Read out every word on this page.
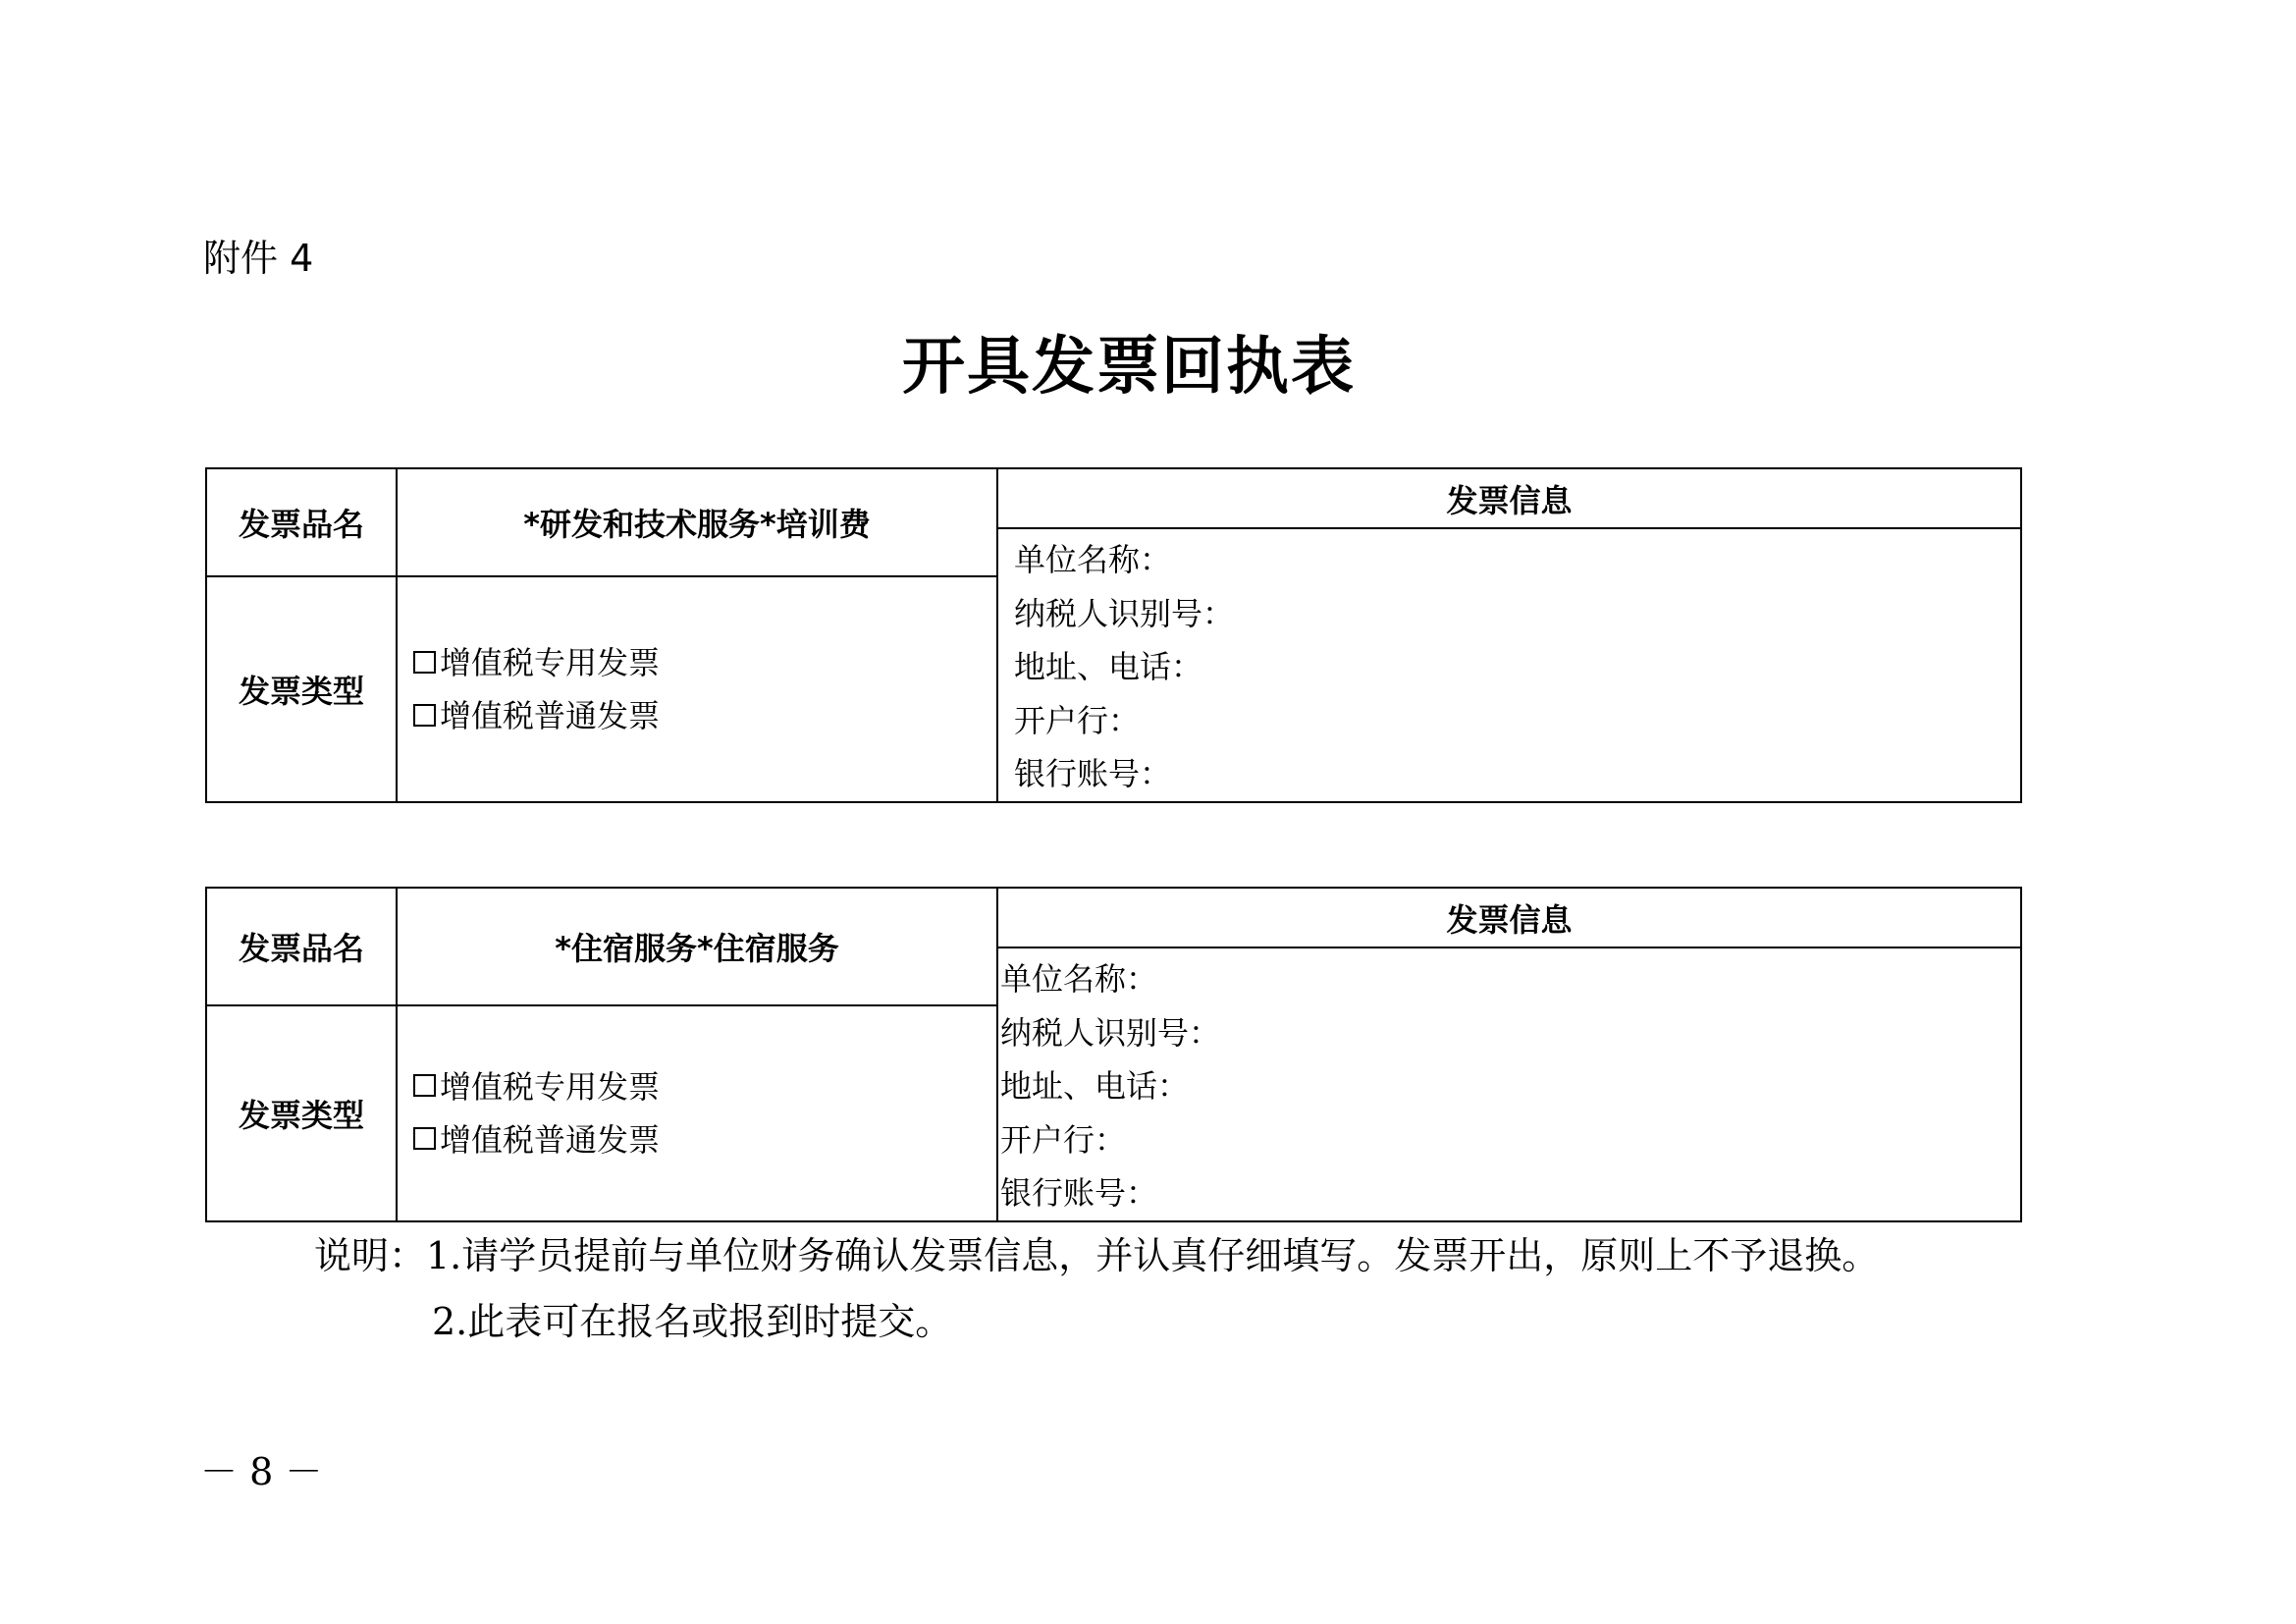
附件 4
开具发票回执表
发票品名	*研发和技术服务*培训费	发票信息

		单位名称：
纳税人识别号：
地址、电话：
开户行：
银行账号：

发票类型	增值税专用发票
增值税普通发票	
发票品名	*住宿服务*住宿服务	发票信息

		单位名称：
纳税人识别号：
地址、电话：
开户行：
银行账号：

发票类型	增值税专用发票
增值税普通发票	
说明：1.请学员提前与单位财务确认发票信息，并认真仔细填写。发票开出，原则上不予退换。
2.此表可在报名或报到时提交。
－ 8 －
